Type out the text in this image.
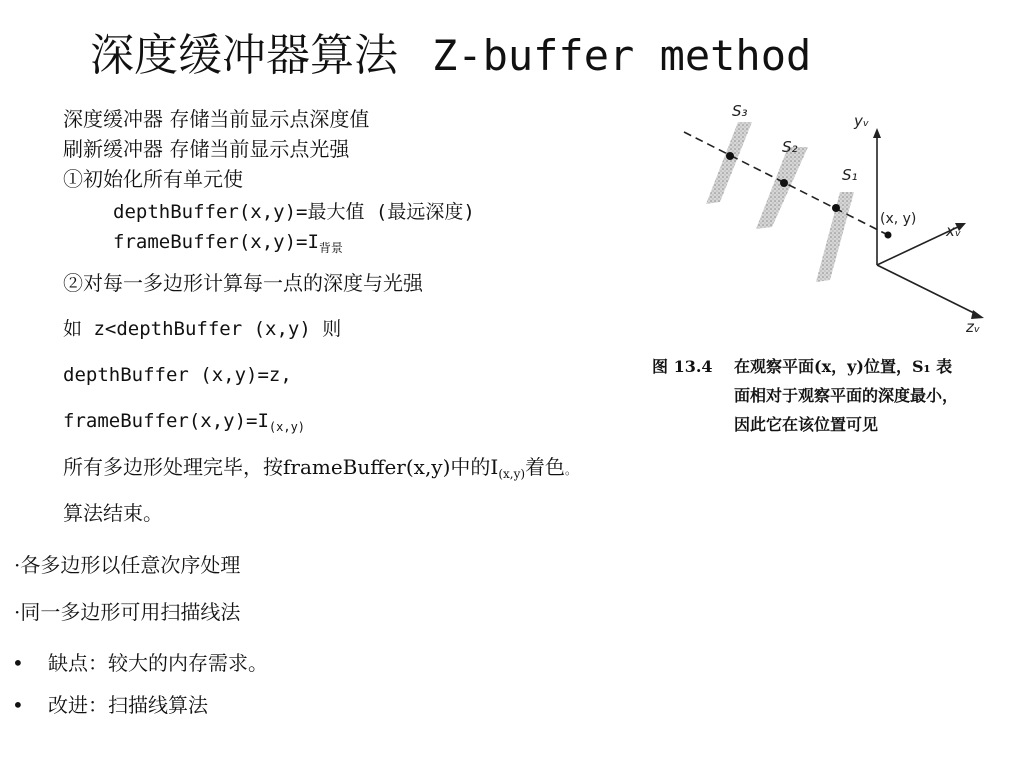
深度缓冲器算法 Z-buffer method
深度缓冲器 存储当前显示点深度值
刷新缓冲器 存储当前显示点光强
①初始化所有单元使
depthBuffer(x,y)=最大值 (最远深度)
$frameBuffer(x,y)=I_{背景}$
②对每一多边形计算每一点的深度与光强
如 z<depthBuffer (x,y) 则
depthBuffer (x,y)=z,
$frameBuffer(x,y)=I_{(x,y)}$
所有多边形处理完毕，按frameBuffer(x,y)中的$I_{(x,y)}$着色。
算法结束。
·各多边形以任意次序处理
·同一多边形可用扫描线法
• 缺点：较大的内存需求。
• 改进：扫描线算法
S₃
S₂
S₁
yᵥ
xᵥ
zᵥ
(x, y)
图 13.4 在观察平面(x，y)位置，S₁ 表
面相对于观察平面的深度最小，
因此它在该位置可见
